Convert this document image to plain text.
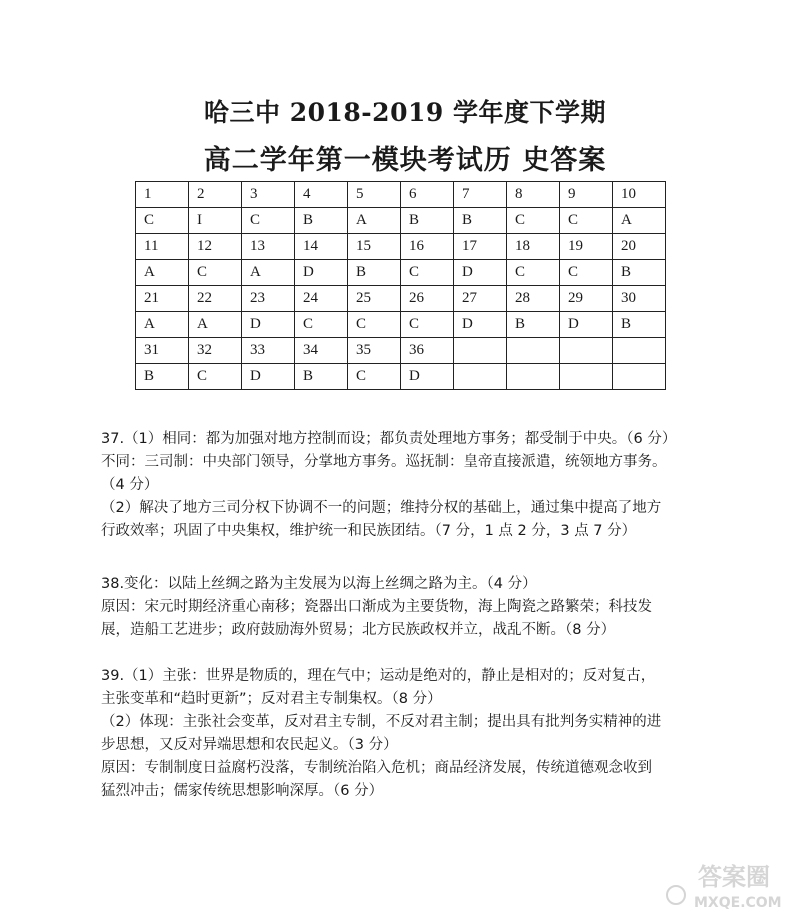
哈三中 2018-2019 学年度下学期
高二学年第一模块考试历 史答案
1	2	3	4	5	6	7	8	9	10
C	I	C	B	A	B	B	C	C	A
11	12	13	14	15	16	17	18	19	20
A	C	A	D	B	C	D	C	C	B
21	22	23	24	25	26	27	28	29	30
A	A	D	C	C	C	D	B	D	B
31	32	33	34	35	36				
B	C	D	B	C	D				

37.（1）相同：都为加强对地方控制而设；都负责处理地方事务；都受制于中央。（6 分）

不同：三司制：中央部门领导，分掌地方事务。巡抚制：皇帝直接派遣，统领地方事务。

（4 分）

（2）解决了地方三司分权下协调不一的问题；维持分权的基础上，通过集中提高了地方

行政效率；巩固了中央集权，维护统一和民族团结。（7 分，1 点 2 分，3 点 7 分）

38.变化：以陆上丝绸之路为主发展为以海上丝绸之路为主。（4 分）

原因：宋元时期经济重心南移；瓷器出口渐成为主要货物，海上陶瓷之路繁荣；科技发

展，造船工艺进步；政府鼓励海外贸易；北方民族政权并立，战乱不断。（8 分）

39.（1）主张：世界是物质的，理在气中；运动是绝对的，静止是相对的；反对复古，

主张变革和“趋时更新”；反对君主专制集权。（8 分）

（2）体现：主张社会变革，反对君主专制，不反对君主制；提出具有批判务实精神的进

步思想，又反对异端思想和农民起义。（3 分）

原因：专制制度日益腐朽没落，专制统治陷入危机；商品经济发展，传统道德观念收到

猛烈冲击；儒家传统思想影响深厚。（6 分）

答案圈
MXQE.COM
